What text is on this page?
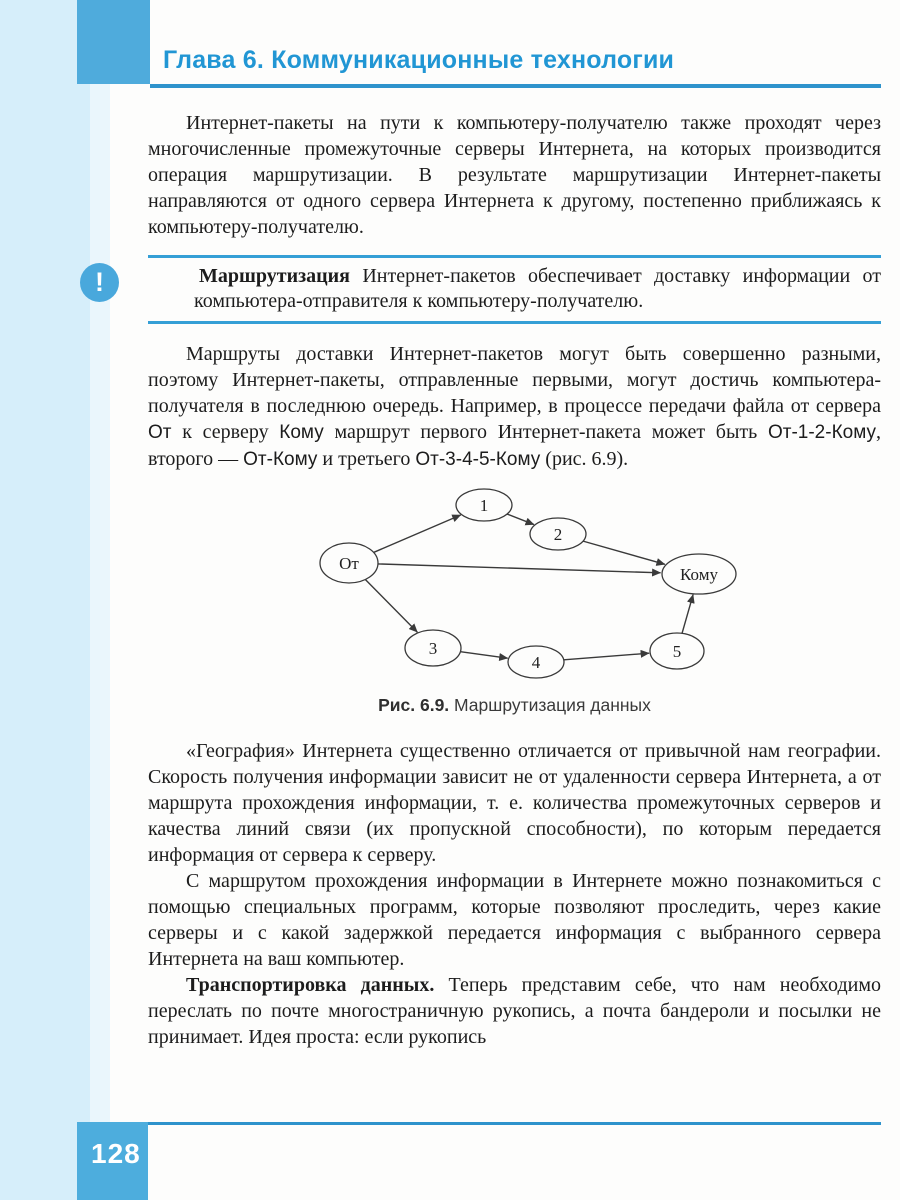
Глава 6. Коммуникационные технологии

Интернет-пакеты на пути к компьютеру-получателю также проходят через многочисленные промежуточные серверы Интернета, на которых производится операция маршрутизации. В результате маршрутизации Интернет-пакеты направляются от одного сервера Интернета к другому, постепенно приближаясь к компьютеру-получателю.

!	Маршрутизация Интернет-пакетов обеспечивает доставку информации от компьютера-отправителя к компьютеру-получателю.

Маршруты доставки Интернет-пакетов могут быть совершенно разными, поэтому Интернет-пакеты, отправленные первыми, могут достичь компьютера-получателя в последнюю очередь. Например, в процессе передачи файла от сервера От к серверу Кому маршрут первого Интернет-пакета может быть От-1-2-Кому, второго — От-Кому и третьего От-3-4-5-Кому (рис. 6.9).

От
1
2
Кому
3
4
5
Рис. 6.9. Маршрутизация данных

«География» Интернета существенно отличается от привычной нам географии. Скорость получения информации зависит не от удаленности сервера Интернета, а от маршрута прохождения информации, т. е. количества промежуточных серверов и качества линий связи (их пропускной способности), по которым передается информация от сервера к серверу.

С маршрутом прохождения информации в Интернете можно познакомиться с помощью специальных программ, которые позволяют проследить, через какие серверы и с какой задержкой передается информация с выбранного сервера Интернета на ваш компьютер.

Транспортировка данных. Теперь представим себе, что нам необходимо переслать по почте многостраничную рукопись, а почта бандероли и посылки не принимает. Идея проста: если рукопись

128
